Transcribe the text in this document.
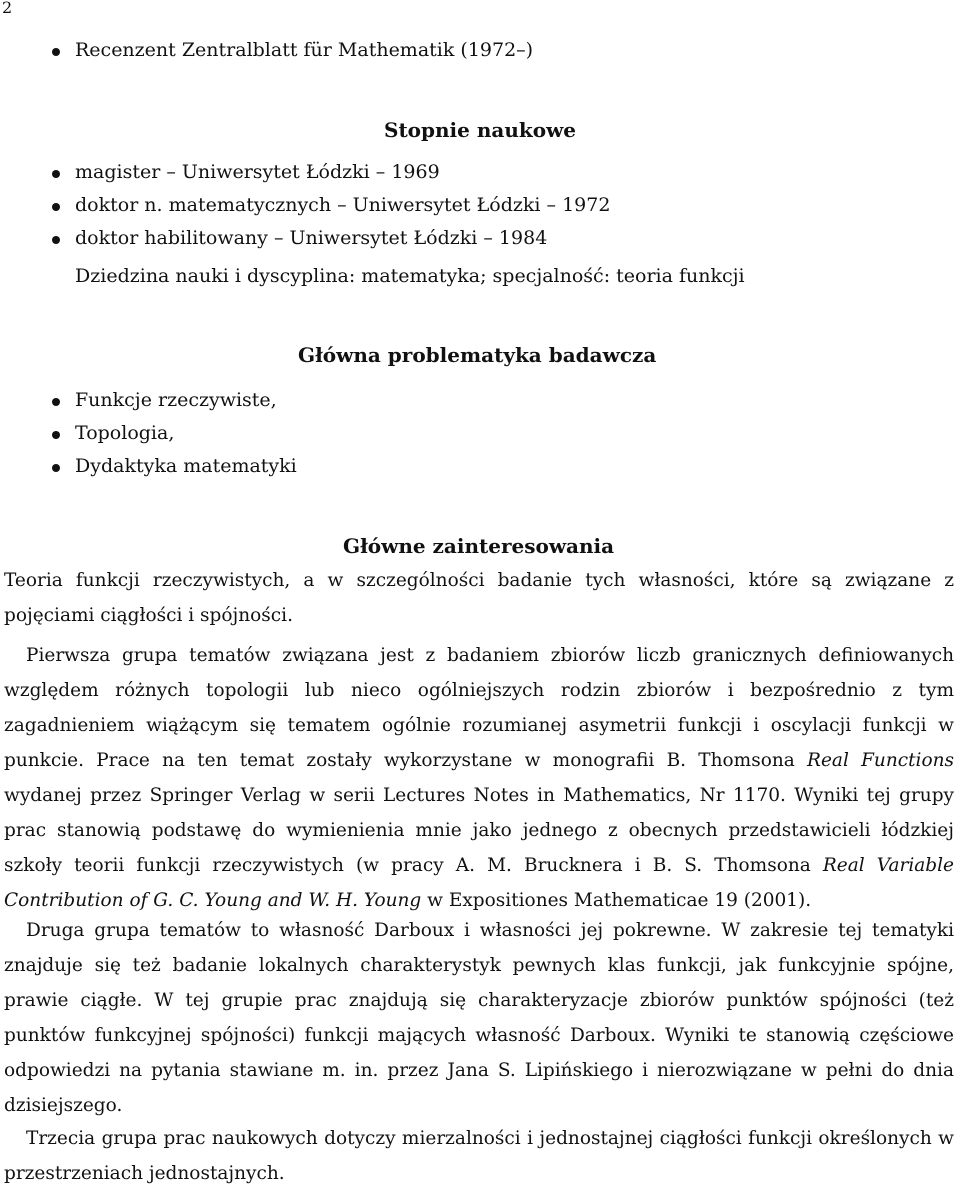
2
Recenzent Zentralblatt für Mathematik (1972–)
Stopnie naukowe
magister – Uniwersytet Łódzki – 1969
doktor n. matematycznych – Uniwersytet Łódzki – 1972
doktor habilitowany – Uniwersytet Łódzki – 1984
Dziedzina nauki i dyscyplina: matematyka; specjalność: teoria funkcji
Główna problematyka badawcza
Funkcje rzeczywiste,
Topologia,
Dydaktyka matematyki
Główne zainteresowania

Teoria funkcji rzeczywistych, a w szczególności badanie tych własności, które są związane z pojęciami ciągłości i spójności.

Pierwsza grupa tematów związana jest z badaniem zbiorów liczb granicznych definiowanych względem różnych topologii lub nieco ogólniejszych rodzin zbiorów i bezpośrednio z tym zagadnieniem wiążącym się tematem ogólnie rozumianej asymetrii funkcji i oscylacji funkcji w punkcie. Prace na ten temat zostały wykorzystane w monografii B. Thomsona Real Functions wydanej przez Springer Verlag w serii Lectures Notes in Mathematics, Nr 1170. Wyniki tej grupy prac stanowią podstawę do wymienienia mnie jako jednego z obecnych przedstawicieli łódzkiej szkoły teorii funkcji rzeczywistych (w pracy A. M. Brucknera i B. S. Thomsona Real Variable Contribution of G. C. Young and W. H. Young w Expositiones Mathematicae 19 (2001).

Druga grupa tematów to własność Darboux i własności jej pokrewne. W zakresie tej tematyki znajduje się też badanie lokalnych charakterystyk pewnych klas funkcji, jak funkcyjnie spójne, prawie ciągłe. W tej grupie prac znajdują się charakteryzacje zbiorów punktów spójności (też punktów funkcyjnej spójności) funkcji mających własność Darboux. Wyniki te stanowią częściowe odpowiedzi na pytania stawiane m. in. przez Jana S. Lipińskiego i nierozwiązane w pełni do dnia dzisiejszego.

Trzecia grupa prac naukowych dotyczy mierzalności i jednostajnej ciągłości funkcji określonych w przestrzeniach jednostajnych.
